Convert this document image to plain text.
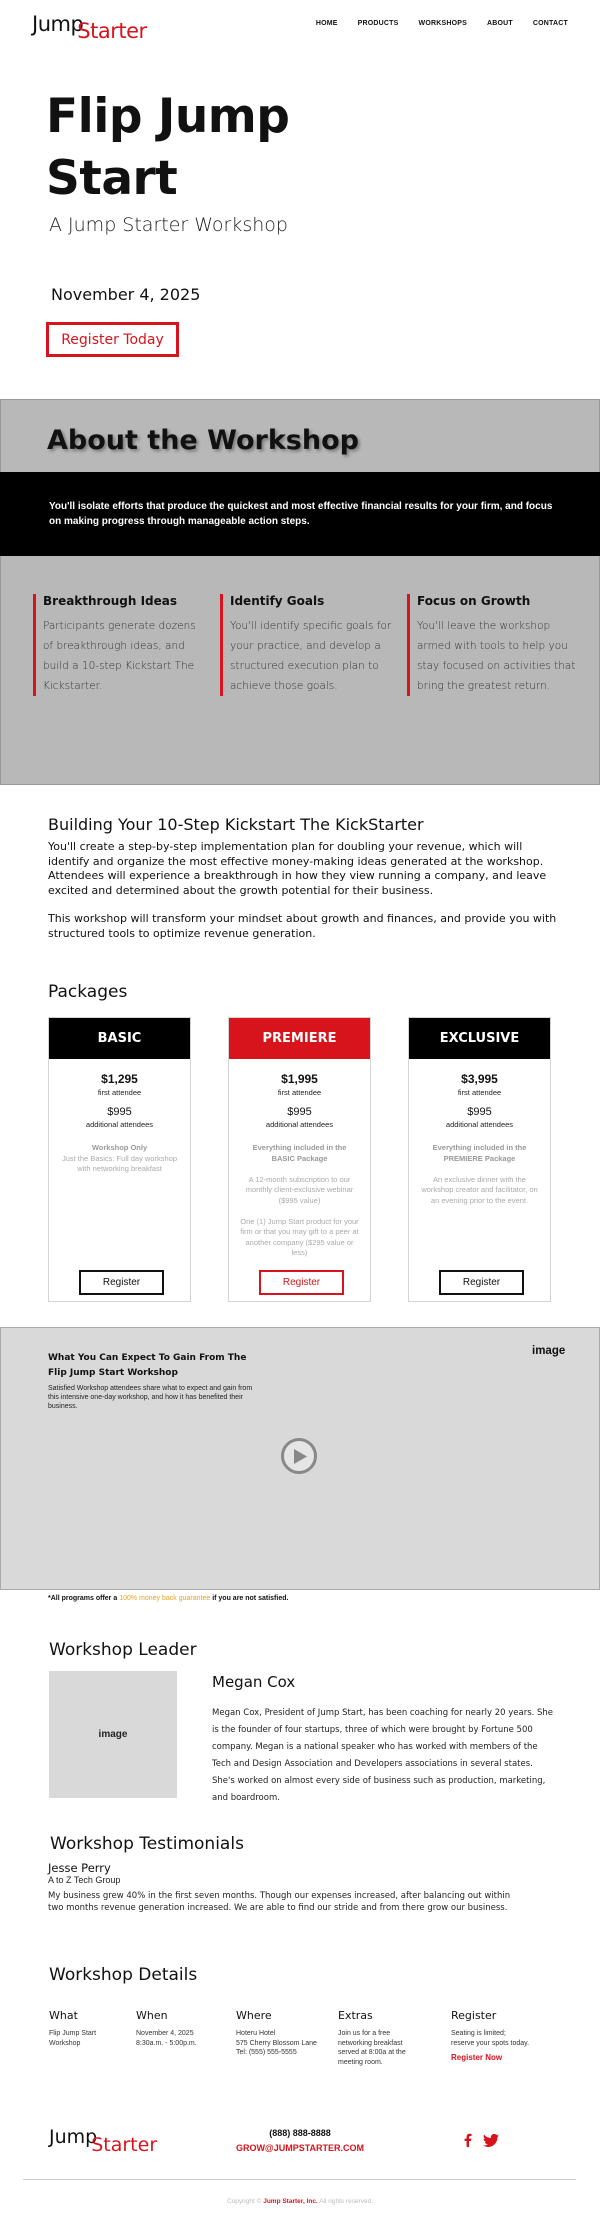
JumpStarter	HOME	PRODUCTS	WORKSHOPS	ABOUT	CONTACT
Flip Jump Start
A Jump Starter Workshop
November 4, 2025
Register Today
About the Workshop
You'll isolate efforts that produce the quickest and most effective financial results for your firm, and focus on making progress through manageable action steps.
Breakthrough Ideas

Participants generate dozens of breakthrough ideas, and build a 10-step Kickstart The Kickstarter.

Identify Goals

You'll identify specific goals for your practice, and develop a structured execution plan to achieve those goals.

Focus on Growth

You'll leave the workshop armed with tools to help you stay focused on activities that bring the greatest return.

Building Your 10-Step Kickstart The KickStarter

You'll create a step-by-step implementation plan for doubling your revenue, which will identify and organize the most effective money-making ideas generated at the workshop. Attendees will experience a breakthrough in how they view running a company, and leave excited and determined about the growth potential for their business.

This workshop will transform your mindset about growth and finances, and provide you with structured tools to optimize revenue generation.

Packages
BASIC
$1,295
first attendee
$995
additional attendees
Workshop Only
Just the Basics: Full day workshop with networking breakfast
Register
PREMIERE
$1,995
first attendee
$995
additional attendees
Everything included in the BASIC Package

A 12-month subscription to our monthly client-exclusive webinar ($995 value)

One (1) Jump Start product for your firm or that you may gift to a peer at another company ($295 value or less)
Register
EXCLUSIVE
$3,995
first attendee
$995
additional attendees
Everything included in the PREMIERE Package

An exclusive dinner with the workshop creator and facilitator, on an evening prior to the event.
Register
What You Can Expect To Gain From The Flip Jump Start Workshop
Satisfied Workshop attendees share what to expect and gain from this intensive one-day workshop, and how it has benefited their business.
image
*All programs offer a 100% money back guarantee if you are not satisfied.
Workshop Leader
image
Megan Cox

Megan Cox, President of Jump Start, has been coaching for nearly 20 years. She is the founder of four startups, three of which were brought by Fortune 500 company. Megan is a national speaker who has worked with members of the Tech and Design Association and Developers associations in several states. She's worked on almost every side of business such as production, marketing, and boardroom.

Workshop Testimonials
Jesse Perry
A to Z Tech Group

My business grew 40% in the first seven months. Though our expenses increased, after balancing out within two months revenue generation increased. We are able to find our stride and from there grow our business.

Workshop Details
What

Flip Jump Start
Workshop

When

November 4, 2025
8:30a.m. - 5:00p.m.

Where

Hoteru Hotel
575 Cherry Blossom Lane
Tel: (555) 555-5555

Extras

Join us for a free
networking breakfast
served at 8:00a at the
meeting room.

Register

Seating is limited;
reserve your spots today.

Register Now

JumpStarter
(888) 888-8888
GROW@JUMPSTARTER.COM
Copyright © Jump Starter, Inc. All rights reserved.
